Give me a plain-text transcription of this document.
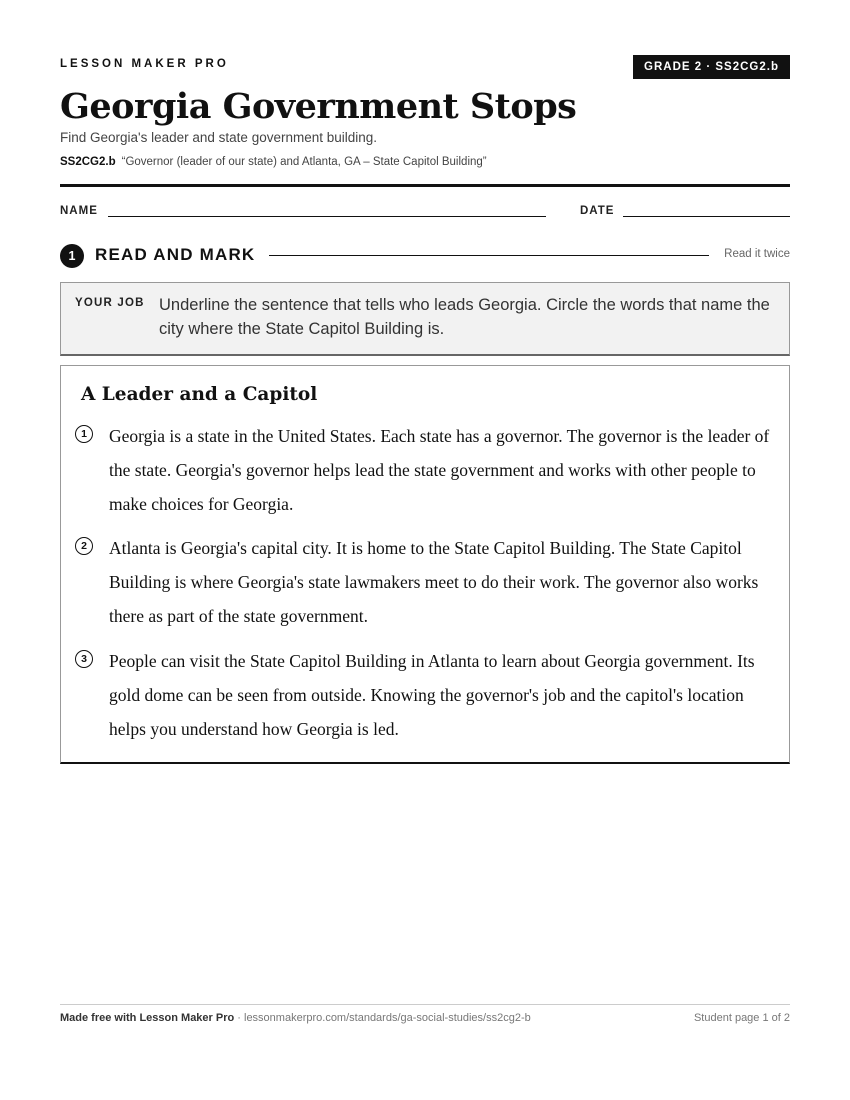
LESSON MAKER PRO	GRADE 2 · SS2CG2.b
Georgia Government Stops
Find Georgia's leader and state government building.
SS2CG2.b “Governor (leader of our state) and Atlanta, GA – State Capitol Building”
NAME	DATE
1	READ AND MARK	Read it twice
YOUR JOB Underline the sentence that tells who leads Georgia. Circle the words that name the city where the State Capitol Building is.
A Leader and a Capitol
1	Georgia is a state in the United States. Each state has a governor. The governor is the leader of the state. Georgia's governor helps lead the state government and works with other people to make choices for Georgia.
2	Atlanta is Georgia's capital city. It is home to the State Capitol Building. The State Capitol Building is where Georgia's state lawmakers meet to do their work. The governor also works there as part of the state government.
3	People can visit the State Capitol Building in Atlanta to learn about Georgia government. Its gold dome can be seen from outside. Knowing the governor's job and the capitol's location helps you understand how Georgia is led.
Made free with Lesson Maker Pro · lessonmakerpro.com/standards/ga-social-studies/ss2cg2-b	Student page 1 of 2
